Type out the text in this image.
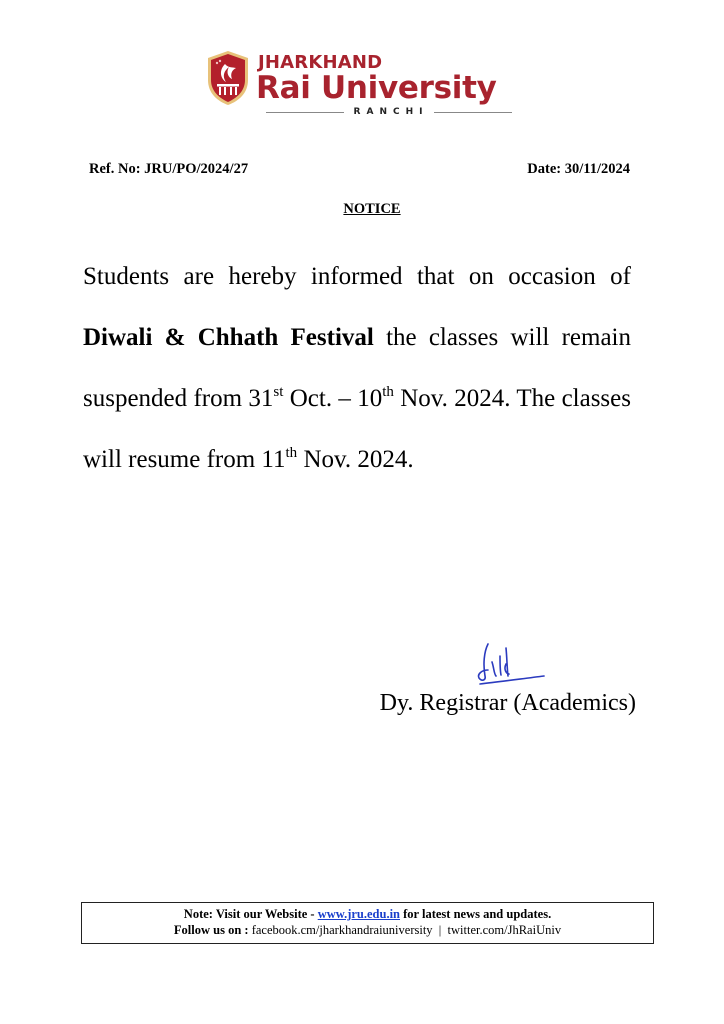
JHARKHAND
Rai University
RANCHI
Ref. No: JRU/PO/2024/27	Date: 30/11/2024
NOTICE
Students are hereby informed that on occasion of Diwali & Chhath Festival the classes will remain suspended from 31st Oct. – 10th Nov. 2024. The classes will resume from 11th Nov. 2024.
Dy. Registrar (Academics)
Note: Visit our Website - www.jru.edu.in for latest news and updates.
Follow us on : facebook.cm/jharkhandraiuniversity  |  twitter.com/JhRaiUniv
